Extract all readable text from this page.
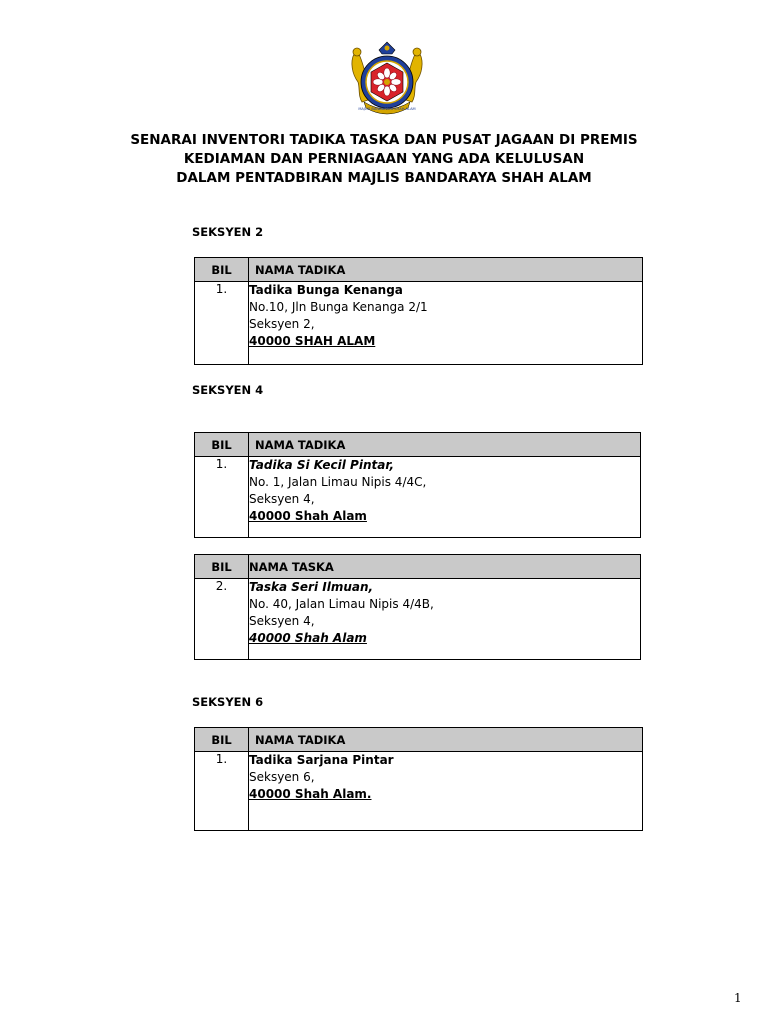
MAJLIS BANDARAYA SHAH ALAM
SENARAI INVENTORI TADIKA TASKA DAN PUSAT JAGAAN DI PREMIS
KEDIAMAN DAN PERNIAGAAN YANG ADA KELULUSAN
DALAM PENTADBIRAN MAJLIS BANDARAYA SHAH ALAM
SEKSYEN 2
BIL	NAMA TADIKA
1.	Tadika Bunga Kenanga
No.10, Jln Bunga Kenanga 2/1
Seksyen 2,
40000 SHAH ALAM
SEKSYEN 4
BIL	NAMA TADIKA
1.	Tadika Si Kecil Pintar,
No. 1, Jalan Limau Nipis 4/4C,
Seksyen 4,
40000 Shah Alam
BIL	NAMA TASKA
2.	Taska Seri Ilmuan,
No. 40, Jalan Limau Nipis 4/4B,
Seksyen 4,
40000 Shah Alam
SEKSYEN 6
BIL	NAMA TADIKA
1.	Tadika Sarjana Pintar
Seksyen 6,
40000 Shah Alam.
1
